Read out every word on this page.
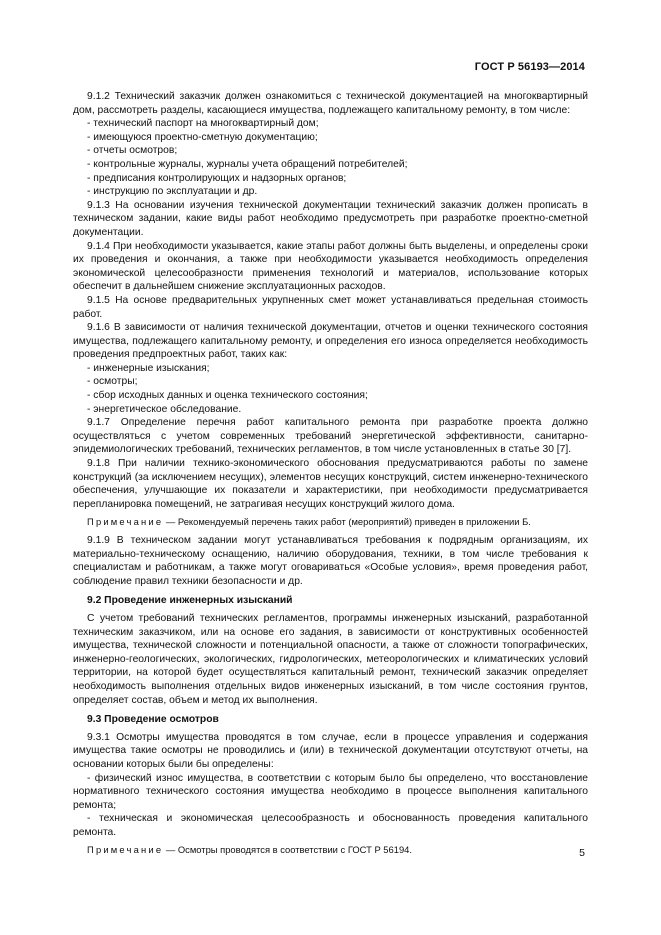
ГОСТ Р 56193—2014

9.1.2 Технический заказчик должен ознакомиться с технической документацией на многоквартирный дом, рассмотреть разделы, касающиеся имущества, подлежащего капитальному ремонту, в том числе:

- технический паспорт на многоквартирный дом;

- имеющуюся проектно-сметную документацию;

- отчеты осмотров;

- контрольные журналы, журналы учета обращений потребителей;

- предписания контролирующих и надзорных органов;

- инструкцию по эксплуатации и др.

9.1.3 На основании изучения технической документации технический заказчик должен прописать в техническом задании, какие виды работ необходимо предусмотреть при разработке проектно-сметной документации.

9.1.4 При необходимости указывается, какие этапы работ должны быть выделены, и определены сроки их проведения и окончания, а также при необходимости указывается необходимость определения экономической целесообразности применения технологий и материалов, использование которых обеспечит в дальнейшем снижение эксплуатационных расходов.

9.1.5 На основе предварительных укрупненных смет может устанавливаться предельная стоимость работ.

9.1.6 В зависимости от наличия технической документации, отчетов и оценки технического состояния имущества, подлежащего капитальному ремонту, и определения его износа определяется необходимость проведения предпроектных работ, таких как:

- инженерные изыскания;

- осмотры;

- сбор исходных данных и оценка технического состояния;

- энергетическое обследование.

9.1.7 Определение перечня работ капитального ремонта при разработке проекта должно осуществляться с учетом современных требований энергетической эффективности, санитарно-эпидемиологических требований, технических регламентов, в том числе установленных в статье 30 [7].

9.1.8 При наличии технико-экономического обоснования предусматриваются работы по замене конструкций (за исключением несущих), элементов несущих конструкций, систем инженерно-технического обеспечения, улучшающие их показатели и характеристики, при необходимости предусматривается перепланировка помещений, не затрагивая несущих конструкций жилого дома.

Примечание — Рекомендуемый перечень таких работ (мероприятий) приведен в приложении Б.

9.1.9 В техническом задании могут устанавливаться требования к подрядным организациям, их материально-техническому оснащению, наличию оборудования, техники, в том числе требования к специалистам и работникам, а также могут оговариваться «Особые условия», время проведения работ, соблюдение правил техники безопасности и др.

9.2 Проведение инженерных изысканий

С учетом требований технических регламентов, программы инженерных изысканий, разработанной техническим заказчиком, или на основе его задания, в зависимости от конструктивных особенностей имущества, технической сложности и потенциальной опасности, а также от сложности топографических, инженерно-геологических, экологических, гидрологических, метеорологических и климатических условий территории, на которой будет осуществляться капитальный ремонт, технический заказчик определяет необходимость выполнения отдельных видов инженерных изысканий, в том числе состояния грунтов, определяет состав, объем и метод их выполнения.

9.3 Проведение осмотров

9.3.1 Осмотры имущества проводятся в том случае, если в процессе управления и содержания имущества такие осмотры не проводились и (или) в технической документации отсутствуют отчеты, на основании которых были бы определены:

- физический износ имущества, в соответствии с которым было бы определено, что восстановление нормативного технического состояния имущества необходимо в процессе выполнения капитального ремонта;

- техническая и экономическая целесообразность и обоснованность проведения капитального ремонта.

Примечание — Осмотры проводятся в соответствии с ГОСТ Р 56194.	5
